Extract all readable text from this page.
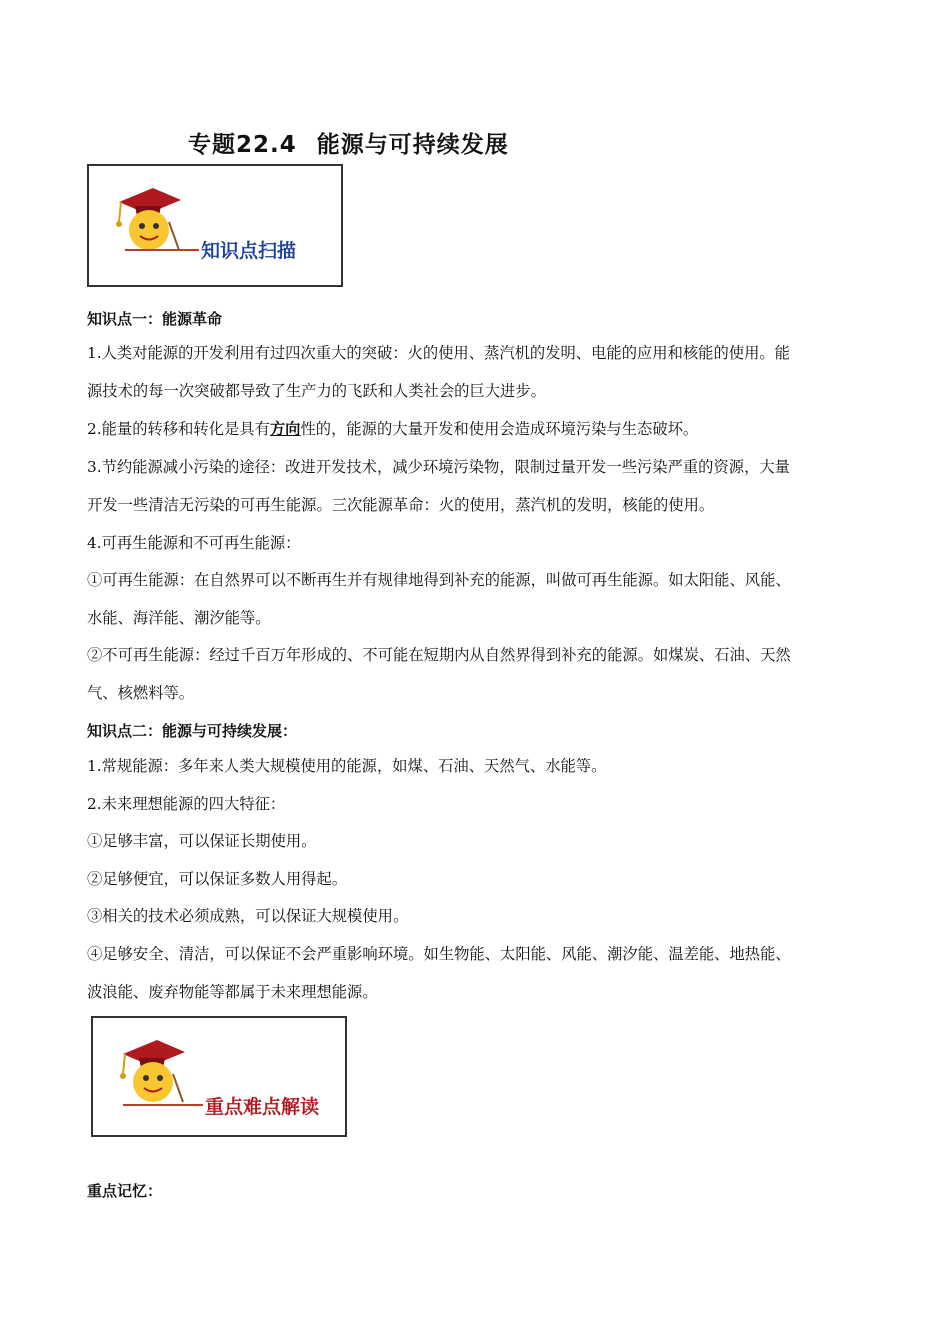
专题22.4 能源与可持续发展
知识点扫描
知识点一：能源革命
1.人类对能源的开发利用有过四次重大的突破：火的使用、蒸汽机的发明、电能的应用和核能的使用。能
源技术的每一次突破都导致了生产力的飞跃和人类社会的巨大进步。
2.能量的转移和转化是具有方向性的，能源的大量开发和使用会造成环境污染与生态破坏。
3.节约能源减小污染的途径：改进开发技术，减少环境污染物，限制过量开发一些污染严重的资源，大量
开发一些清洁无污染的可再生能源。三次能源革命：火的使用，蒸汽机的发明，核能的使用。
4.可再生能源和不可再生能源：
①可再生能源：在自然界可以不断再生并有规律地得到补充的能源，叫做可再生能源。如太阳能、风能、
水能、海洋能、潮汐能等。
②不可再生能源：经过千百万年形成的、不可能在短期内从自然界得到补充的能源。如煤炭、石油、天然
气、核燃料等。
知识点二：能源与可持续发展：
1.常规能源：多年来人类大规模使用的能源，如煤、石油、天然气、水能等。
2.未来理想能源的四大特征：
①足够丰富，可以保证长期使用。
②足够便宜，可以保证多数人用得起。
③相关的技术必须成熟，可以保证大规模使用。
④足够安全、清洁，可以保证不会严重影响环境。如生物能、太阳能、风能、潮汐能、温差能、地热能、
波浪能、废弃物能等都属于未来理想能源。
重点难点解读
重点记忆：
